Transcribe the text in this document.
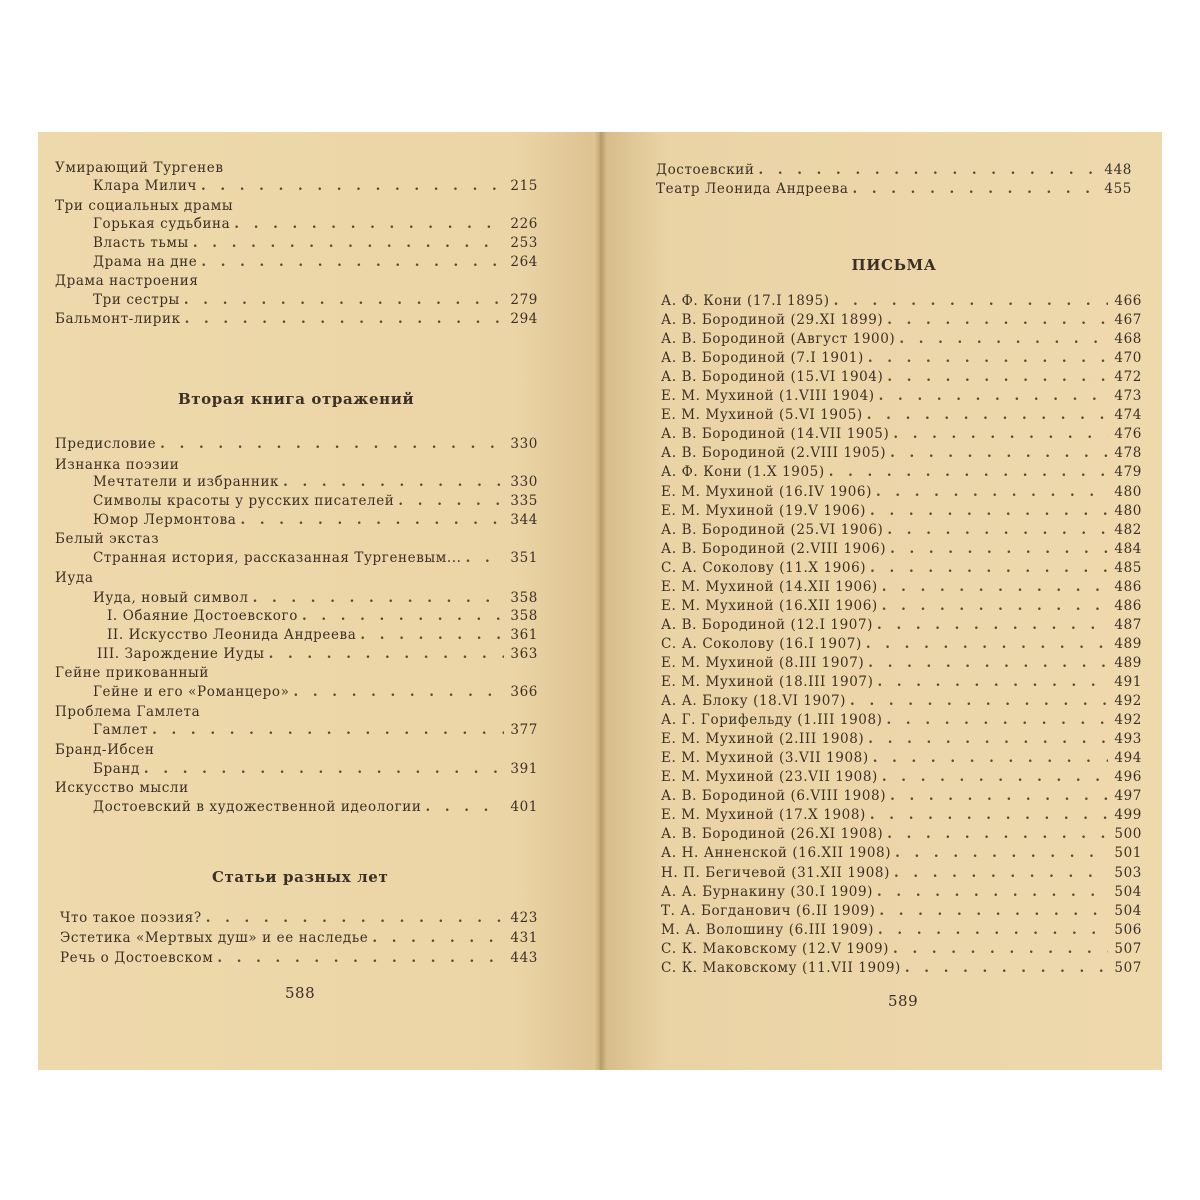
Умирающий Тургенев
Клара Милич . . .	215
Три социальных драмы
Горькая судьбина . . .	226
Власть тьмы . . .	253
Драма на дне . . .	264
Драма настроения
Три сестры . . .	279
Бальмонт-лирик . . .	294
Вторая книга отражений
Предисловие . . .	330
Изнанка поэзии
Мечтатели и избранник . . .	330
Символы красоты у русских писателей . . .	335
Юмор Лермонтова . . .	344
Белый экстаз
Странная история, рассказанная Тургеневым... . . .	351
Иуда
Иуда, новый символ . . .	358
I. Обаяние Достоевского . . .	358
II. Искусство Леонида Андреева . . .	361
III. Зарождение Иуды . . .	363
Гейне прикованный
Гейне и его «Романцеро» . . .	366
Проблема Гамлета
Гамлет . . .	377
Бранд-Ибсен
Бранд . . .	391
Искусство мысли
Достоевский в художественной идеологии . . .	401
Статьи разных лет
Что такое поэзия? . . .	423
Эстетика «Мертвых душ» и ее наследье . . .	431
Речь о Достоевском . . .	443
588
Достоевский . . .	448
Театр Леонида Андреева . . .	455
ПИСЬМА
А. Ф. Кони (17.I 1895) . . .	466
А. В. Бородиной (29.XI 1899) . . .	467
А. В. Бородиной (Август 1900) . . .	468
А. В. Бородиной (7.I 1901) . . .	470
А. В. Бородиной (15.VI 1904) . . .	472
Е. М. Мухиной (1.VIII 1904) . . .	473
Е. М. Мухиной (5.VI 1905) . . .	474
А. В. Бородиной (14.VII 1905) . . .	476
А. В. Бородиной (2.VIII 1905) . . .	478
А. Ф. Кони (1.X 1905) . . .	479
Е. М. Мухиной (16.IV 1906) . . .	480
Е. М. Мухиной (19.V 1906) . . .	480
А. В. Бородиной (25.VI 1906) . . .	482
А. В. Бородиной (2.VIII 1906) . . .	484
С. А. Соколову (11.X 1906) . . .	485
Е. М. Мухиной (14.XII 1906) . . .	486
Е. М. Мухиной (16.XII 1906) . . .	486
А. В. Бородиной (12.I 1907) . . .	487
С. А. Соколову (16.I 1907) . . .	489
Е. М. Мухиной (8.III 1907) . . .	489
Е. М. Мухиной (18.III 1907) . . .	491
А. А. Блоку (18.VI 1907) . . .	492
А. Г. Горифельду (1.III 1908) . . .	492
Е. М. Мухиной (2.III 1908) . . .	493
Е. М. Мухиной (3.VII 1908) . . .	494
Е. М. Мухиной (23.VII 1908) . . .	496
А. В. Бородиной (6.VIII 1908) . . .	497
Е. М. Мухиной (17.X 1908) . . .	499
А. В. Бородиной (26.XI 1908) . . .	500
А. Н. Анненской (16.XII 1908) . . .	501
Н. П. Бегичевой (31.XII 1908) . . .	503
А. А. Бурнакину (30.I 1909) . . .	504
Т. А. Богданович (6.II 1909) . . .	504
М. А. Волошину (6.III 1909) . . .	506
С. К. Маковскому (12.V 1909) . . .	507
С. К. Маковскому (11.VII 1909) . . .	507
589
